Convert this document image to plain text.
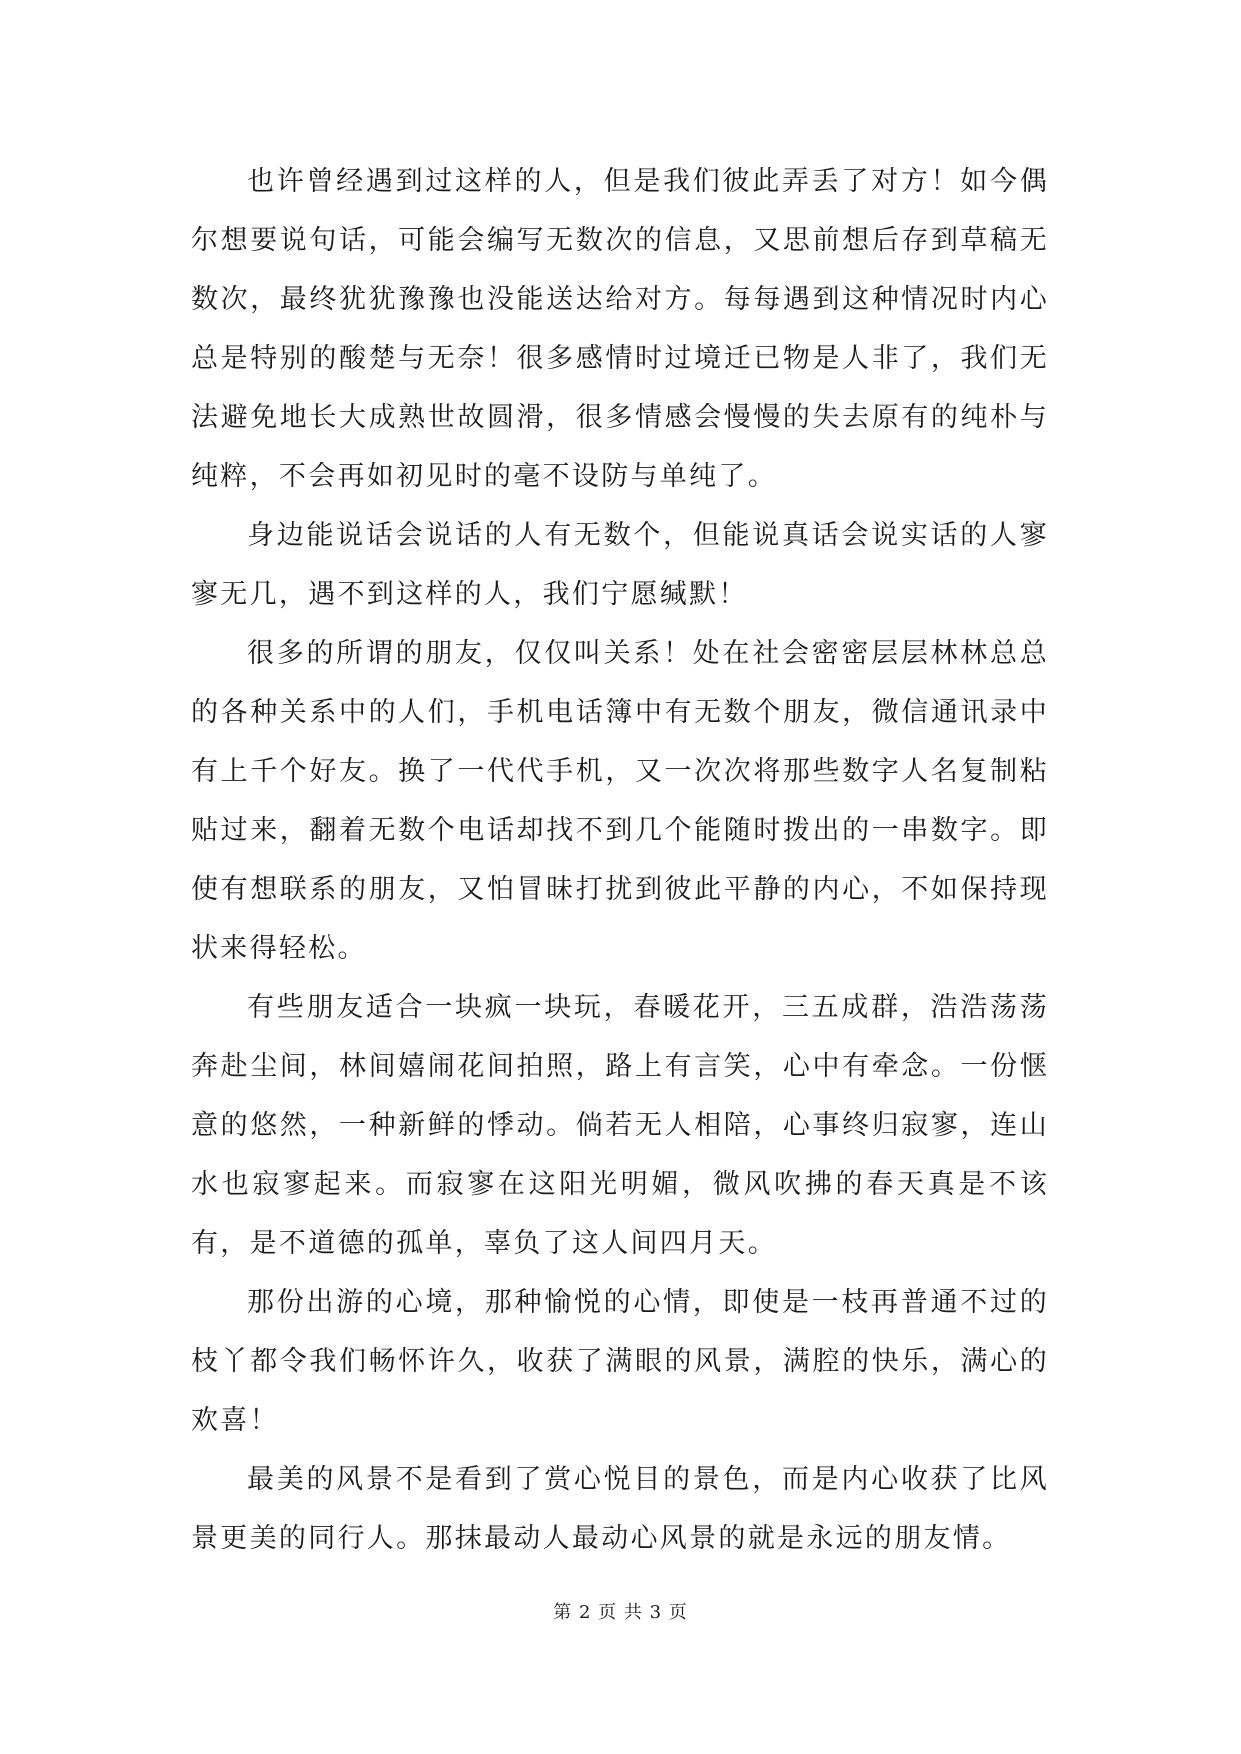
也许曾经遇到过这样的人，但是我们彼此弄丢了对方！如今偶尔想要说句话，可能会编写无数次的信息，又思前想后存到草稿无数次，最终犹犹豫豫也没能送达给对方。每每遇到这种情况时内心总是特别的酸楚与无奈！很多感情时过境迁已物是人非了，我们无法避免地长大成熟世故圆滑，很多情感会慢慢的失去原有的纯朴与纯粹，不会再如初见时的毫不设防与单纯了。

身边能说话会说话的人有无数个，但能说真话会说实话的人寥寥无几，遇不到这样的人，我们宁愿缄默！

很多的所谓的朋友，仅仅叫关系！处在社会密密层层林林总总的各种关系中的人们，手机电话簿中有无数个朋友，微信通讯录中有上千个好友。换了一代代手机，又一次次将那些数字人名复制粘贴过来，翻着无数个电话却找不到几个能随时拨出的一串数字。即使有想联系的朋友，又怕冒昧打扰到彼此平静的内心，不如保持现状来得轻松。

有些朋友适合一块疯一块玩，春暖花开，三五成群，浩浩荡荡奔赴尘间，林间嬉闹花间拍照，路上有言笑，心中有牵念。一份惬意的悠然，一种新鲜的悸动。倘若无人相陪，心事终归寂寥，连山水也寂寥起来。而寂寥在这阳光明媚，微风吹拂的春天真是不该有，是不道德的孤单，辜负了这人间四月天。

那份出游的心境，那种愉悦的心情，即使是一枝再普通不过的枝丫都令我们畅怀许久，收获了满眼的风景，满腔的快乐，满心的欢喜！

最美的风景不是看到了赏心悦目的景色，而是内心收获了比风景更美的同行人。那抹最动人最动心风景的就是永远的朋友情。

第 2 页 共 3 页
